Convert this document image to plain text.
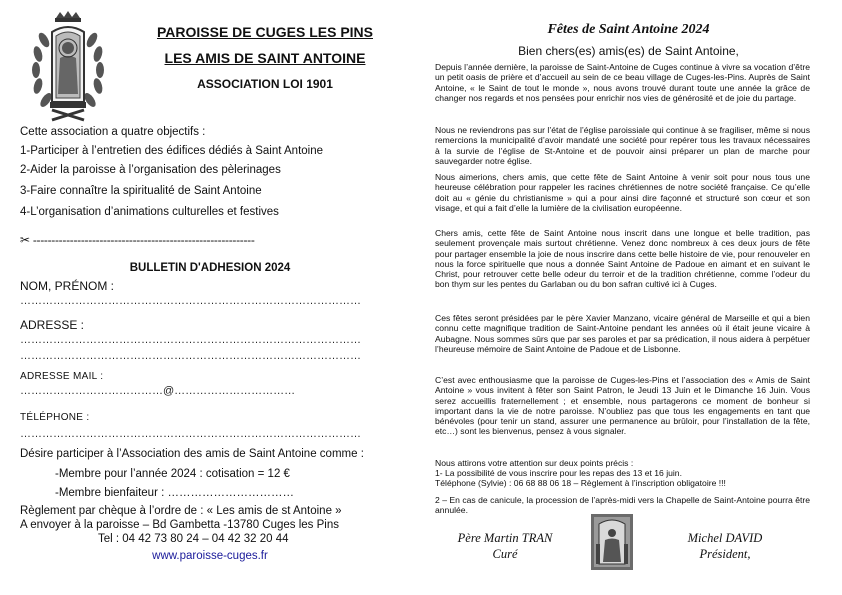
PAROISSE DE CUGES LES PINS
LES AMIS DE SAINT ANTOINE
ASSOCIATION LOI 1901
Cette association a quatre objectifs :
1-Participer à l’entretien des édifices dédiés à Saint Antoine
2-Aider la paroisse à l’organisation des pèlerinages
3-Faire connaître la spiritualité de Saint Antoine
4-L’organisation d’animations culturelles et festives
✂ ------------------------------------------------------------
BULLETIN D'ADHESION 2024
NOM, PRÉNOM :
…………………………………………………………………………………
ADRESSE :
…………………………………………………………………………………
…………………………………………………………………………………
ADRESSE MAIL :
…………………………………@……………………………
TÉLÉPHONE :
…………………………………………………………………………………
Désire participer à l’Association des amis de Saint Antoine comme :
-Membre pour l’année 2024 : cotisation = 12 €
-Membre bienfaiteur : ……………………………
Règlement par chèque à l’ordre de : « Les amis de st Antoine »
A envoyer à la paroisse – Bd Gambetta -13780 Cuges les Pins
Tel : 04 42 73 80 24 – 04 42 32 20 44
www.paroisse-cuges.fr
Fêtes de Saint Antoine 2024
Bien chers(es) amis(es) de Saint Antoine,
Depuis l’année dernière, la paroisse de Saint-Antoine de Cuges continue à vivre sa vocation d’être un petit oasis de prière et d’accueil au sein de ce beau village de Cuges-les-Pins. Auprès de Saint Antoine, « le Saint de tout le monde », nous avons trouvé durant toute une année la grâce de changer nos regards et nos pensées pour enrichir nos vies de générosité et de joie du partage.
Nous ne reviendrons pas sur l’état de l’église paroissiale qui continue à se fragiliser, même si nous remercions la municipalité d’avoir mandaté une société pour repérer tous les travaux nécessaires à la survie de l’église de St-Antoine et de pouvoir ainsi préparer un plan de marche pour sauvegarder notre église.
Nous aimerions, chers amis, que cette fête de Saint Antoine à venir soit pour nous tous une heureuse célébration pour rappeler les racines chrétiennes de notre société française. Ce qu’elle doit au « génie du christianisme » qui a pour ainsi dire façonné et structuré son cœur et son visage, et qui a fait d’elle la lumière de la civilisation européenne.
Chers amis, cette fête de Saint Antoine nous inscrit dans une longue et belle tradition, pas seulement provençale mais surtout chrétienne. Venez donc nombreux à ces deux jours de fête pour partager ensemble la joie de nous inscrire dans cette belle histoire de vie, pour renouveler en nous la force spirituelle que nous a donnée Saint Antoine de Padoue en aimant et en suivant le Christ, pour retrouver cette belle odeur du terroir et de la tradition chrétienne, comme l’odeur du bon thym sur les pentes du Garlaban ou du bon safran cultivé ici à Cuges.
Ces fêtes seront présidées par le père Xavier Manzano, vicaire général de Marseille et qui a bien connu cette magnifique tradition de Saint-Antoine pendant les années où il était jeune vicaire à Aubagne. Nous sommes sûrs que par ses paroles et par sa prédication, il nous aidera à perpétuer l’heureuse mémoire de Saint Antoine de Padoue et de Lisbonne.
C’est avec enthousiasme que la paroisse de Cuges-les-Pins et l’association des « Amis de Saint Antoine » vous invitent à fêter son Saint Patron, le Jeudi 13 Juin et le Dimanche 16 Juin. Vous serez accueillis fraternellement ; et ensemble, nous partagerons ce moment de bonheur si important dans la vie de notre paroisse. N’oubliez pas que tous les engagements en tant que bénévoles (pour tenir un stand, assurer une permanence au brûloir, pour l’installation de la fête, etc…) sont les bienvenus, pensez à vous signaler.
Nous attirons votre attention sur deux points précis :
1- La possibilité de vous inscrire pour les repas des 13 et 16 juin.
Téléphone (Sylvie) : 06 68 88 06 18 – Règlement à l’inscription obligatoire !!!
2 – En cas de canicule, la procession de l’après-midi vers la Chapelle de Saint-Antoine pourra être annulée.
Père Martin TRAN
Curé
Michel DAVID
Président,
